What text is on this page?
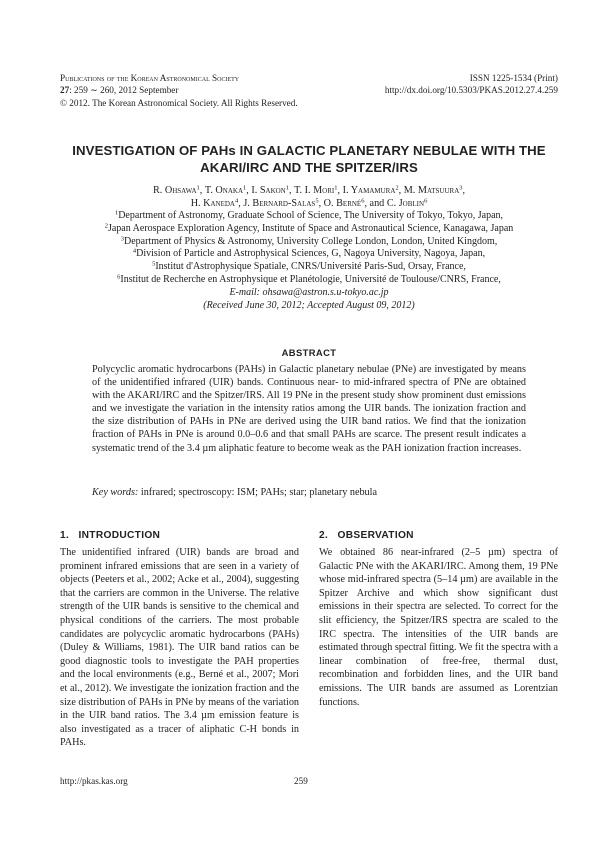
Publications of the Korean Astronomical Society
27: 259 ∼ 260, 2012 September
© 2012. The Korean Astronomical Society. All Rights Reserved.
ISSN 1225-1534 (Print)
http://dx.doi.org/10.5303/PKAS.2012.27.4.259
INVESTIGATION OF PAHs IN GALACTIC PLANETARY NEBULAE WITH THE
AKARI/IRC AND THE SPITZER/IRS
R. Ohsawa$^1$, T. Onaka$^1$, I. Sakon$^1$, T. I. Mori$^1$, I. Yamamura$^2$, M. Matsuura$^3$,
H. Kaneda$^4$, J. Bernard-Salas$^5$, O. Berné$^6$, and C. Joblin$^6$
$^1$Department of Astronomy, Graduate School of Science, The University of Tokyo, Tokyo, Japan,
$^2$Japan Aerospace Exploration Agency, Institute of Space and Astronautical Science, Kanagawa, Japan
$^3$Department of Physics & Astronomy, University College London, London, United Kingdom,
$^4$Division of Particle and Astrophysical Sciences, G, Nagoya University, Nagoya, Japan,
$^5$Institut d'Astrophysique Spatiale, CNRS/Université Paris-Sud, Orsay, France,
$^6$Institut de Recherche en Astrophysique et Planétologie, Université de Toulouse/CNRS, France,
E-mail: ohsawa@astron.s.u-tokyo.ac.jp
(Received June 30, 2012; Accepted August 09, 2012)
ABSTRACT
Polycyclic aromatic hydrocarbons (PAHs) in Galactic planetary nebulae (PNe) are investigated by means of the unidentified infrared (UIR) bands. Continuous near- to mid-infrared spectra of PNe are obtained with the AKARI/IRC and the Spitzer/IRS. All 19 PNe in the present study show prominent dust emissions and we investigate the variation in the intensity ratios among the UIR bands. The ionization fraction and the size distribution of PAHs in PNe are derived using the UIR band ratios. We find that the ionization fraction of PAHs in PNe is around 0.0–0.6 and that small PAHs are scarce. The present result indicates a systematic trend of the 3.4 µm aliphatic feature to become weak as the PAH ionization fraction increases.
Key words: infrared; spectroscopy: ISM; PAHs; star; planetary nebula
1. INTRODUCTION	2. OBSERVATION
The unidentified infrared (UIR) bands are broad and prominent infrared emissions that are seen in a variety of objects (Peeters et al., 2002; Acke et al., 2004), suggesting that the carriers are common in the Universe. The relative strength of the UIR bands is sensitive to the chemical and physical conditions of the carriers. The most probable candidates are polycyclic aromatic hydrocarbons (PAHs) (Duley & Williams, 1981). The UIR band ratios can be good diagnostic tools to investigate the PAH properties and the local environments (e.g., Berné et al., 2007; Mori et al., 2012). We investigate the ionization fraction and the size distribution of PAHs in PNe by means of the variation in the UIR band ratios. The 3.4 µm emission feature is also investigated as a tracer of aliphatic C-H bonds in PAHs.
We obtained 86 near-infrared (2–5 µm) spectra of Galactic PNe with the AKARI/IRC. Among them, 19 PNe whose mid-infrared spectra (5–14 µm) are available in the Spitzer Archive and which show significant dust emissions in their spectra are selected. To correct for the slit efficiency, the Spitzer/IRS spectra are scaled to the IRC spectra. The intensities of the UIR bands are estimated through spectral fitting. We fit the spectra with a linear combination of free-free, thermal dust, recombination and forbidden lines, and the UIR band emissions. The UIR bands are assumed as Lorentzian functions.
http://pkas.kas.org	259
